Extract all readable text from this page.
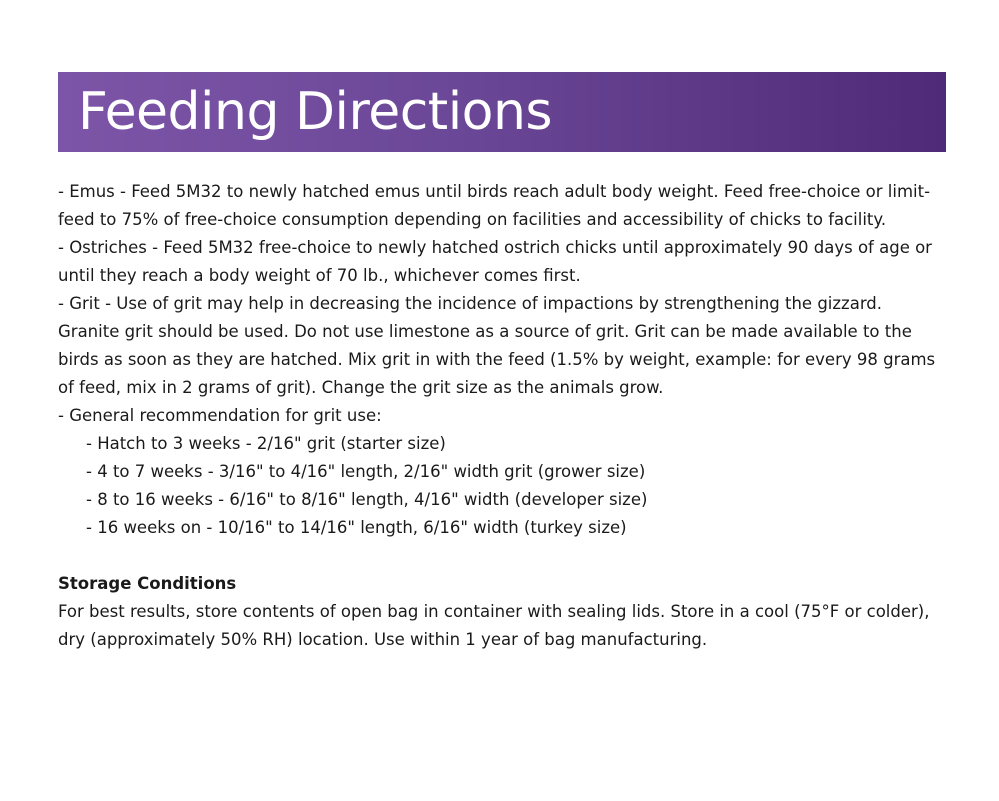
Feeding Directions

- Emus - Feed 5M32 to newly hatched emus until birds reach adult body weight. Feed free-choice or limit-feed to 75% of free-choice consumption depending on facilities and accessibility of chicks to facility.

- Ostriches - Feed 5M32 free-choice to newly hatched ostrich chicks until approximately 90 days of age or until they reach a body weight of 70 lb., whichever comes first.

- Grit - Use of grit may help in decreasing the incidence of impactions by strengthening the gizzard. Granite grit should be used. Do not use limestone as a source of grit. Grit can be made available to the birds as soon as they are hatched. Mix grit in with the feed (1.5% by weight, example: for every 98 grams of feed, mix in 2 grams of grit). Change the grit size as the animals grow.

- General recommendation for grit use:

- Hatch to 3 weeks - 2/16" grit (starter size)

- 4 to 7 weeks - 3/16" to 4/16" length, 2/16" width grit (grower size)

- 8 to 16 weeks - 6/16" to 8/16" length, 4/16" width (developer size)

- 16 weeks on - 10/16" to 14/16" length, 6/16" width (turkey size)

Storage Conditions

For best results, store contents of open bag in container with sealing lids. Store in a cool (75°F or colder), dry (approximately 50% RH) location. Use within 1 year of bag manufacturing.
